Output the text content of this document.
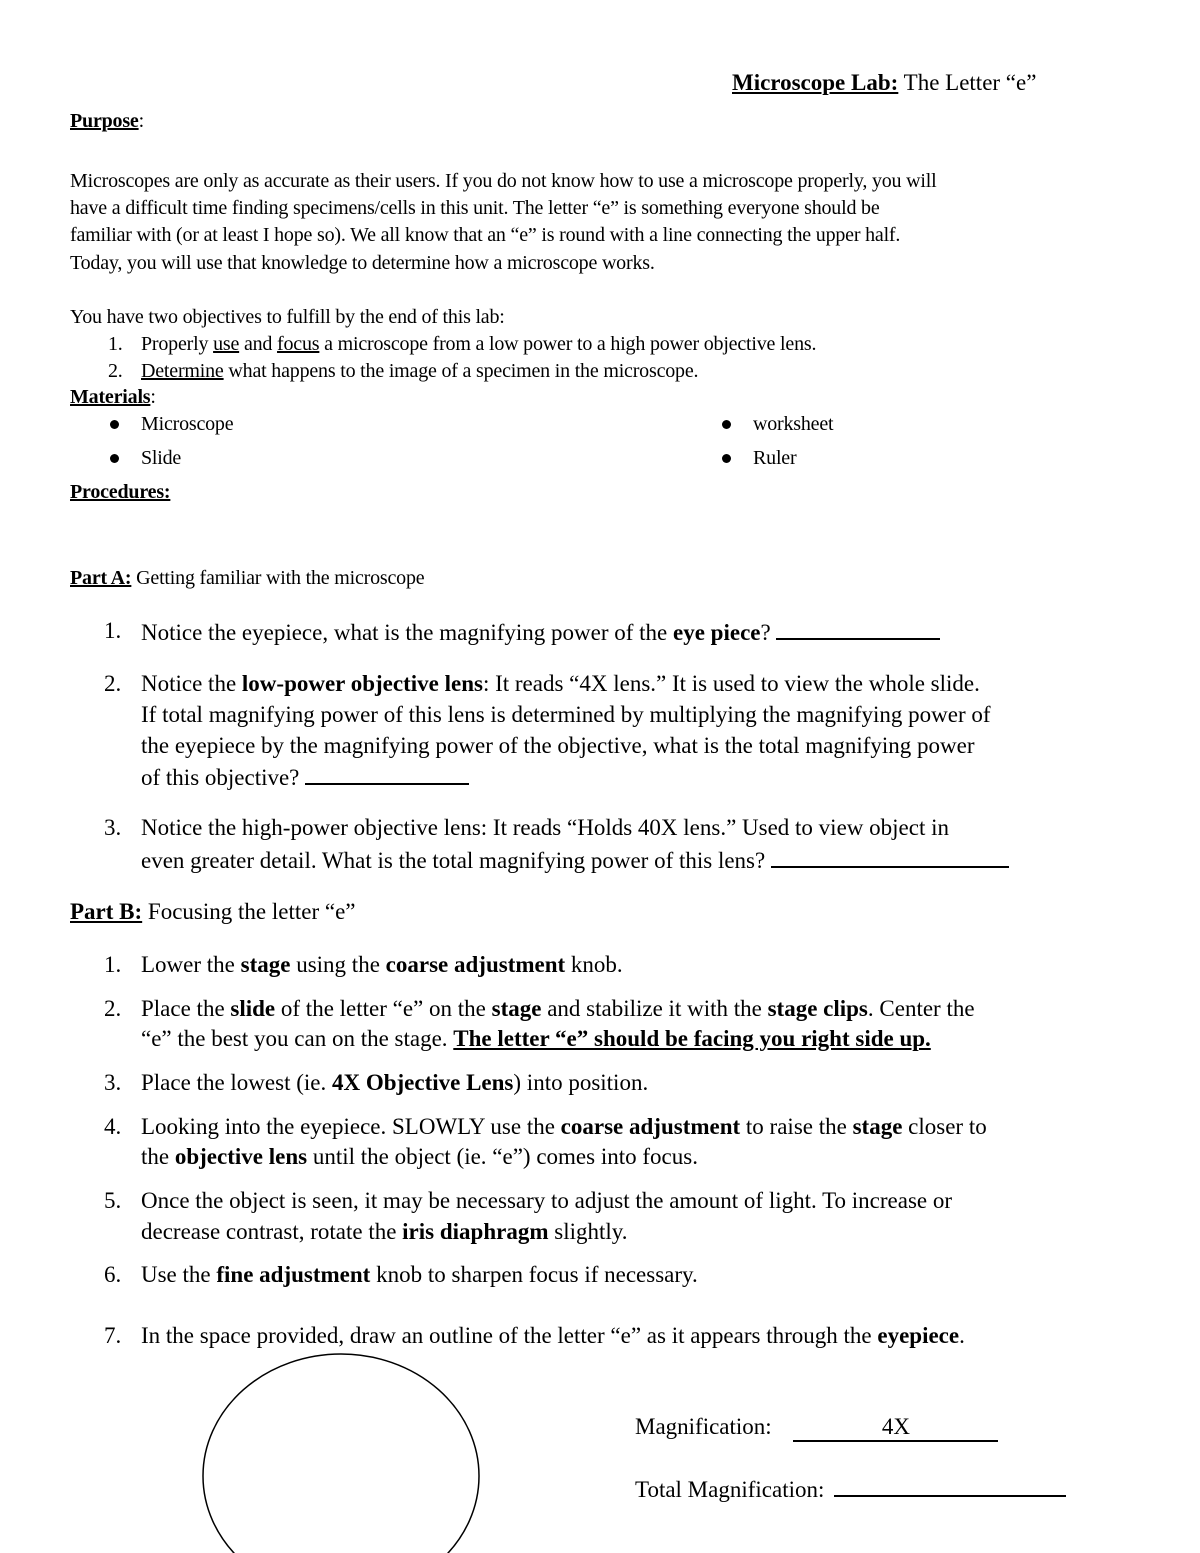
Microscope Lab: The Letter “e”
Purpose:
Microscopes are only as accurate as their users. If you do not know how to use a microscope properly, you will
have a difficult time finding specimens/cells in this unit. The letter “e” is something everyone should be
familiar with (or at least I hope so). We all know that an “e” is round with a line connecting the upper half.
Today, you will use that knowledge to determine how a microscope works.
You have two objectives to fulfill by the end of this lab:
1. Properly use and focus a microscope from a low power to a high power objective lens.
2. Determine what happens to the image of a specimen in the microscope.
Materials:
Microscope
Slide
worksheet
Ruler
Procedures:
Part A: Getting familiar with the microscope
1. Notice the eyepiece, what is the magnifying power of the eye piece?
2. Notice the low-power objective lens: It reads “4X lens.” It is used to view the whole slide.
If total magnifying power of this lens is determined by multiplying the magnifying power of
the eyepiece by the magnifying power of the objective, what is the total magnifying power
of this objective?
3. Notice the high-power objective lens: It reads “Holds 40X lens.” Used to view object in
even greater detail. What is the total magnifying power of this lens?
Part B: Focusing the letter “e”
1. Lower the stage using the coarse adjustment knob.
2. Place the slide of the letter “e” on the stage and stabilize it with the stage clips. Center the
“e” the best you can on the stage. The letter “e” should be facing you right side up.
3. Place the lowest (ie. 4X Objective Lens) into position.
4. Looking into the eyepiece. SLOWLY use the coarse adjustment to raise the stage closer to
the objective lens until the object (ie. “e”) comes into focus.
5. Once the object is seen, it may be necessary to adjust the amount of light. To increase or
decrease contrast, rotate the iris diaphragm slightly.
6. Use the fine adjustment knob to sharpen focus if necessary.
7. In the space provided, draw an outline of the letter “e” as it appears through the eyepiece.
Magnification:	4X
Total Magnification:
